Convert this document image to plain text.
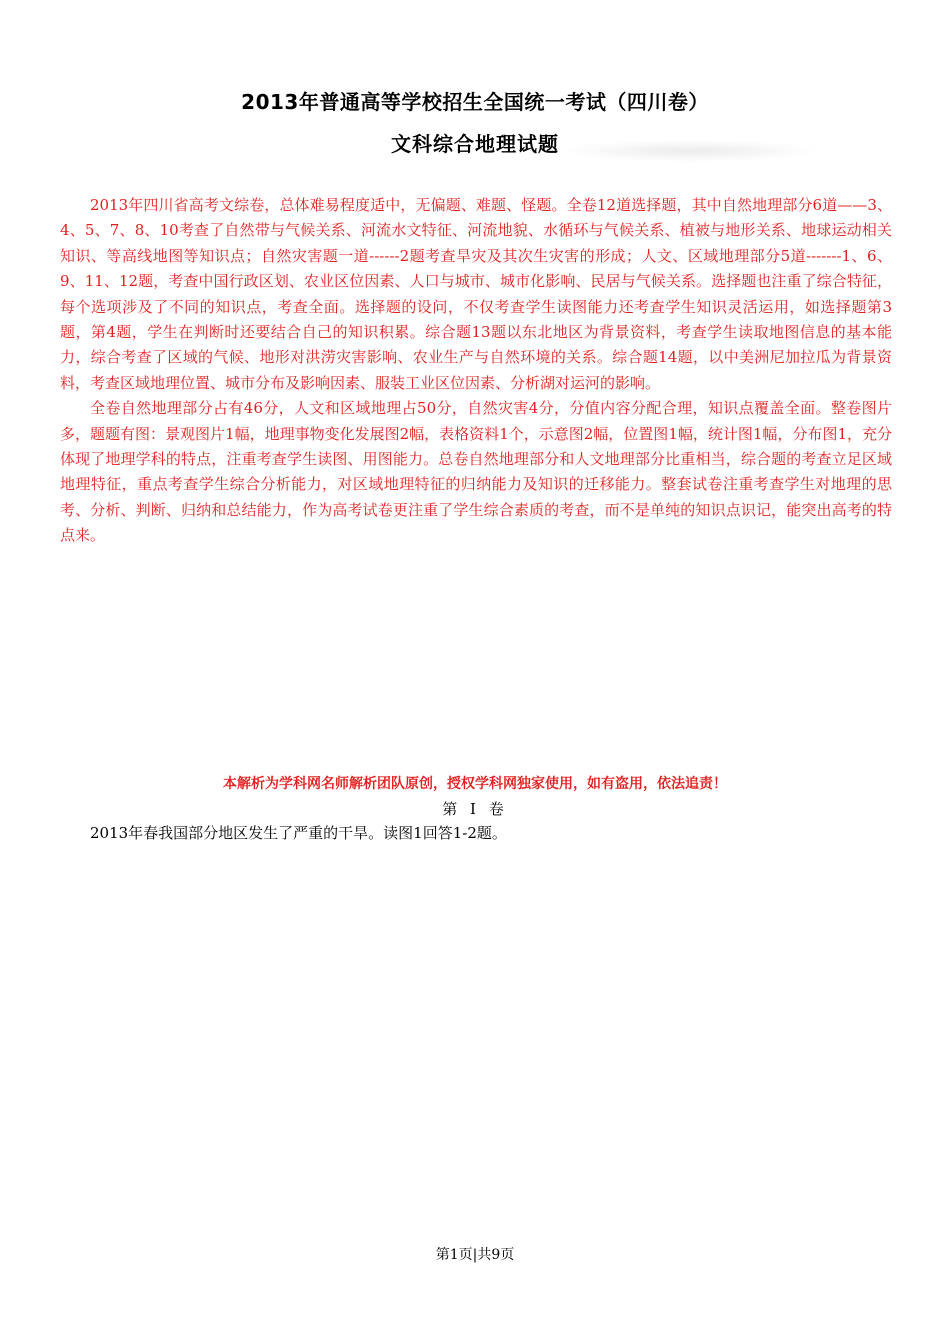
2013年普通高等学校招生全国统一考试（四川卷）
文科综合地理试题

2013年四川省高考文综卷，总体难易程度适中，无偏题、难题、怪题。全卷12道选择题，其中自然地理部分6道——3、4、5、7、8、10考查了自然带与气候关系、河流水文特征、河流地貌、水循环与气候关系、植被与地形关系、地球运动相关知识、等高线地图等知识点；自然灾害题一道------2题考查旱灾及其次生灾害的形成；人文、区域地理部分5道-------1、6、9、11、12题，考查中国行政区划、农业区位因素、人口与城市、城市化影响、民居与气候关系。选择题也注重了综合特征，每个选项涉及了不同的知识点，考查全面。选择题的设问，不仅考查学生读图能力还考查学生知识灵活运用，如选择题第3题，第4题，学生在判断时还要结合自己的知识积累。综合题13题以东北地区为背景资料，考查学生读取地图信息的基本能力，综合考查了区域的气候、地形对洪涝灾害影响、农业生产与自然环境的关系。综合题14题，以中美洲尼加拉瓜为背景资料，考查区域地理位置、城市分布及影响因素、服装工业区位因素、分析湖对运河的影响。

全卷自然地理部分占有46分，人文和区域地理占50分，自然灾害4分，分值内容分配合理，知识点覆盖全面。整卷图片多，题题有图：景观图片1幅，地理事物变化发展图2幅，表格资料1个，示意图2幅，位置图1幅，统计图1幅，分布图1，充分体现了地理学科的特点，注重考查学生读图、用图能力。总卷自然地理部分和人文地理部分比重相当，综合题的考查立足区域地理特征，重点考查学生综合分析能力，对区域地理特征的归纳能力及知识的迁移能力。整套试卷注重考查学生对地理的思考、分析、判断、归纳和总结能力，作为高考试卷更注重了学生综合素质的考查，而不是单纯的知识点识记，能突出高考的特点来。

本解析为学科网名师解析团队原创，授权学科网独家使用，如有盗用，依法追责！
第 I 卷
2013年春我国部分地区发生了严重的干旱。读图1回答1-2题。
第1页|共9页
